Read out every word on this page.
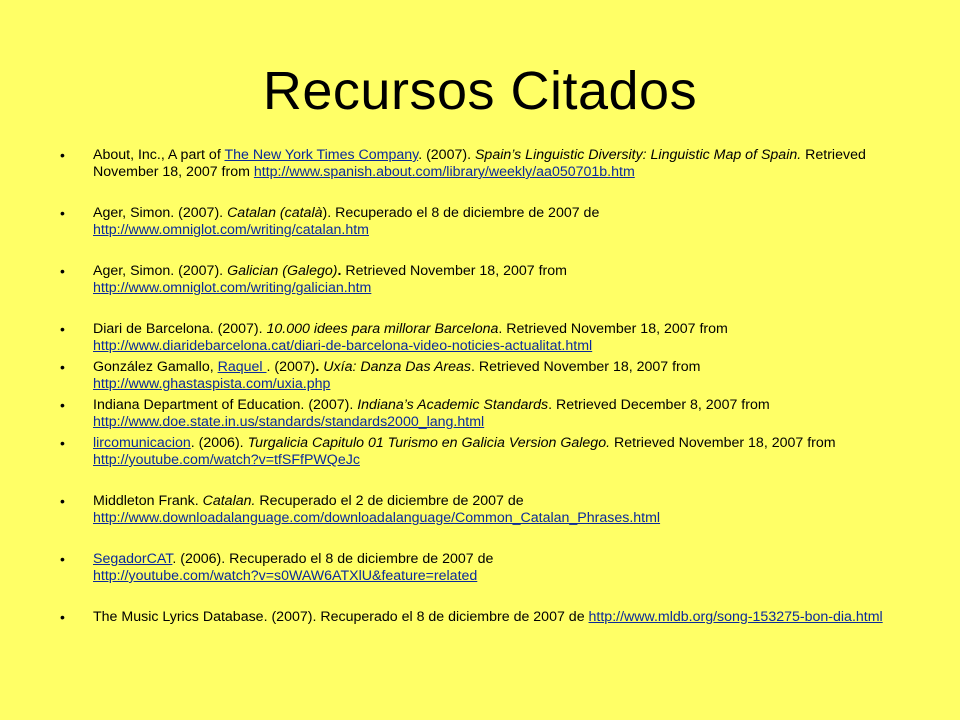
Recursos Citados
• About, Inc., A part of The New York Times Company. (2007). Spain’s Linguistic Diversity: Linguistic Map of Spain. Retrieved November 18, 2007 from http://www.spanish.about.com/library/weekly/aa050701b.htm
• Ager, Simon. (2007). Catalan (català). Recuperado el 8 de diciembre de 2007 de
http://www.omniglot.com/writing/catalan.htm
• Ager, Simon. (2007). Galician (Galego). Retrieved November 18, 2007 from
http://www.omniglot.com/writing/galician.htm
• Diari de Barcelona. (2007). 10.000 idees para millorar Barcelona. Retrieved November 18, 2007 from
http://www.diaridebarcelona.cat/diari-de-barcelona-video-noticies-actualitat.html
• González Gamallo, Raquel . (2007). Uxía: Danza Das Areas. Retrieved November 18, 2007 from
http://www.ghastaspista.com/uxia.php
• Indiana Department of Education. (2007). Indiana’s Academic Standards. Retrieved December 8, 2007 from
http://www.doe.state.in.us/standards/standards2000_lang.html
• lircomunicacion. (2006). Turgalicia Capitulo 01 Turismo en Galicia Version Galego. Retrieved November 18, 2007 from http://youtube.com/watch?v=tfSFfPWQeJc
• Middleton Frank. Catalan. Recuperado el 2 de diciembre de 2007 de
http://www.downloadalanguage.com/downloadalanguage/Common_Catalan_Phrases.html
• SegadorCAT. (2006). Recuperado el 8 de diciembre de 2007 de
http://youtube.com/watch?v=s0WAW6ATXlU&feature=related
• The Music Lyrics Database. (2007). Recuperado el 8 de diciembre de 2007 de http://www.mldb.org/song-153275-bon-dia.html
